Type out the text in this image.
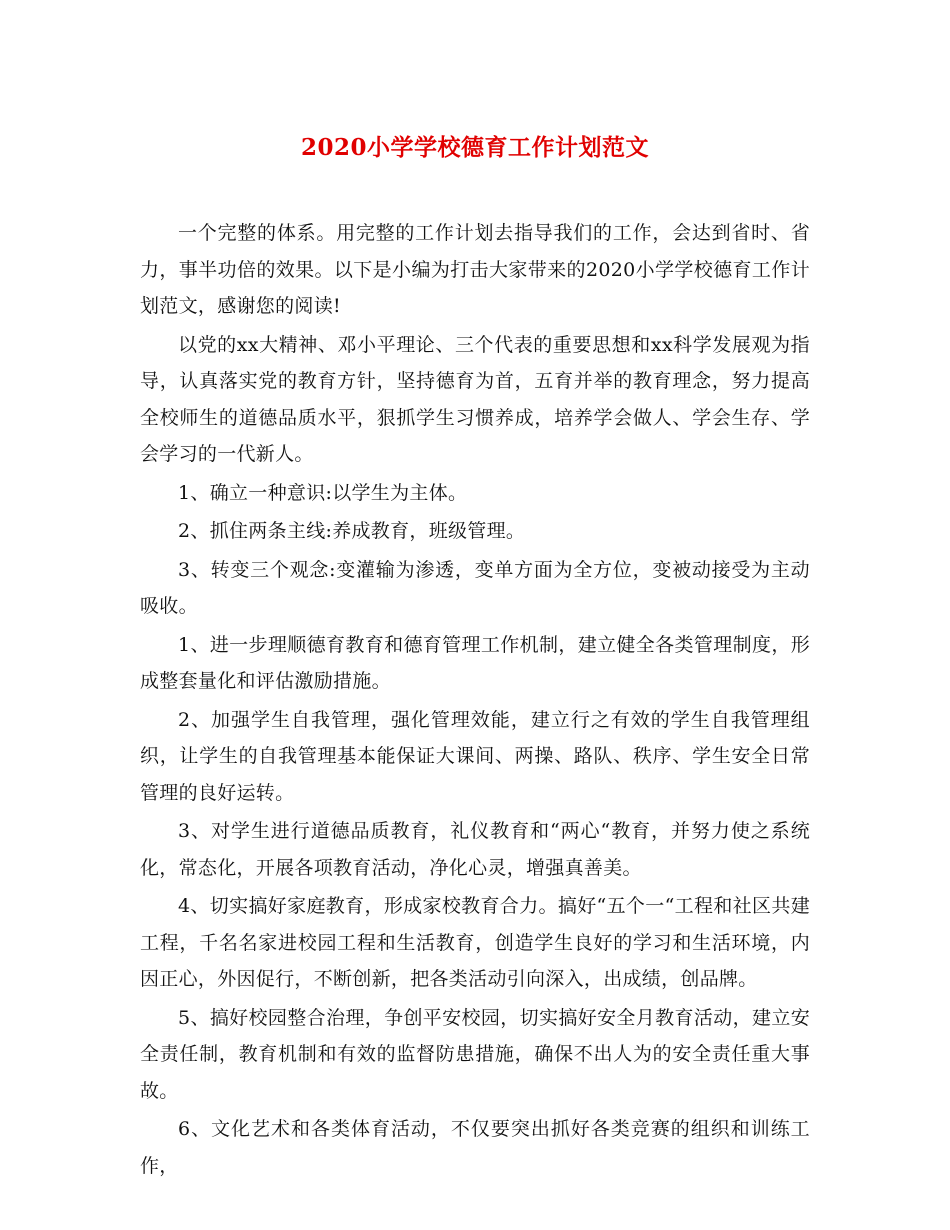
2020小学学校德育工作计划范文

一个完整的体系。用完整的工作计划去指导我们的工作，会达到省时、省力，事半功倍的效果。以下是小编为打击大家带来的2020小学学校德育工作计划范文，感谢您的阅读!

以党的xx大精神、邓小平理论、三个代表的重要思想和xx科学发展观为指导，认真落实党的教育方针，坚持德育为首，五育并举的教育理念，努力提高全校师生的道德品质水平，狠抓学生习惯养成，培养学会做人、学会生存、学会学习的一代新人。

1、确立一种意识:以学生为主体。

2、抓住两条主线:养成教育，班级管理。

3、转变三个观念:变灌输为渗透，变单方面为全方位，变被动接受为主动吸收。

1、进一步理顺德育教育和德育管理工作机制，建立健全各类管理制度，形成整套量化和评估激励措施。

2、加强学生自我管理，强化管理效能，建立行之有效的学生自我管理组织，让学生的自我管理基本能保证大课间、两操、路队、秩序、学生安全日常管理的良好运转。

3、对学生进行道德品质教育，礼仪教育和“两心“教育，并努力使之系统化，常态化，开展各项教育活动，净化心灵，增强真善美。

4、切实搞好家庭教育，形成家校教育合力。搞好“五个一“工程和社区共建工程，千名名家进校园工程和生活教育，创造学生良好的学习和生活环境，内因正心，外因促行，不断创新，把各类活动引向深入，出成绩，创品牌。

5、搞好校园整合治理，争创平安校园，切实搞好安全月教育活动，建立安全责任制，教育机制和有效的监督防患措施，确保不出人为的安全责任重大事故。

6、文化艺术和各类体育活动，不仅要突出抓好各类竞赛的组织和训练工作，
